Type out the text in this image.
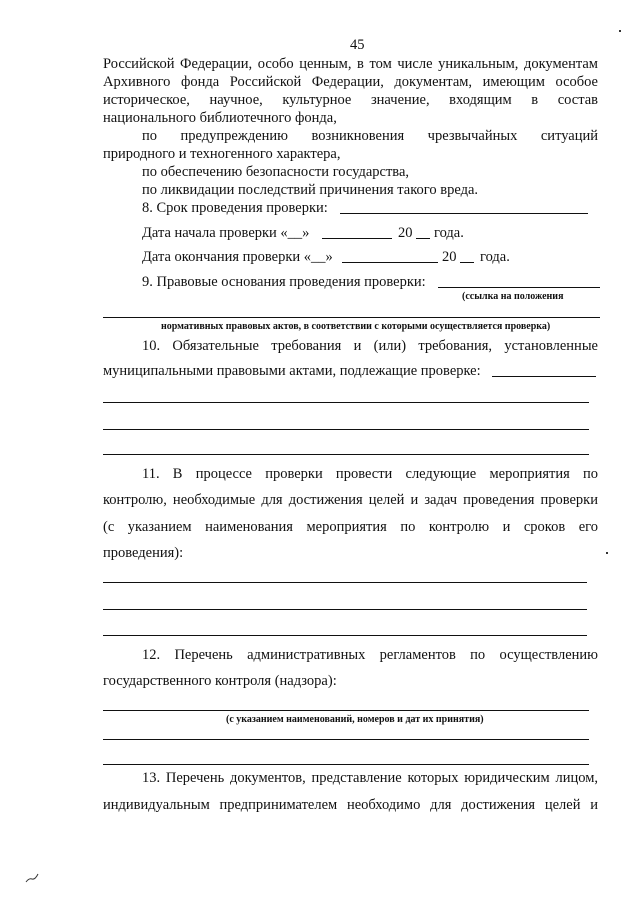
45
Российской Федерации, особо ценным, в том числе уникальным, документам
Архивного фонда Российской Федерации, документам, имеющим особое
историческое, научное, культурное значение, входящим в состав
национального библиотечного фонда,
по предупреждению возникновения чрезвычайных ситуаций
природного и техногенного характера,
по обеспечению безопасности государства,
по ликвидации последствий причинения такого вреда.
8. Срок проведения проверки:
Дата начала проверки «__»	20 года.
Дата окончания проверки «__»	20 года.
9. Правовые основания проведения проверки:
(ссылка на положения
нормативных правовых актов, в соответствии с которыми осуществляется проверка)
10. Обязательные требования и (или) требования, установленные
муниципальными правовыми актами, подлежащие проверке:
11. В процессе проверки провести следующие мероприятия по
контролю, необходимые для достижения целей и задач проведения проверки
(с указанием наименования мероприятия по контролю и сроков его
проведения):
12. Перечень административных регламентов по осуществлению
государственного контроля (надзора):
(с указанием наименований, номеров и дат их принятия)
13. Перечень документов, представление которых юридическим лицом,
индивидуальным предпринимателем необходимо для достижения целей и
